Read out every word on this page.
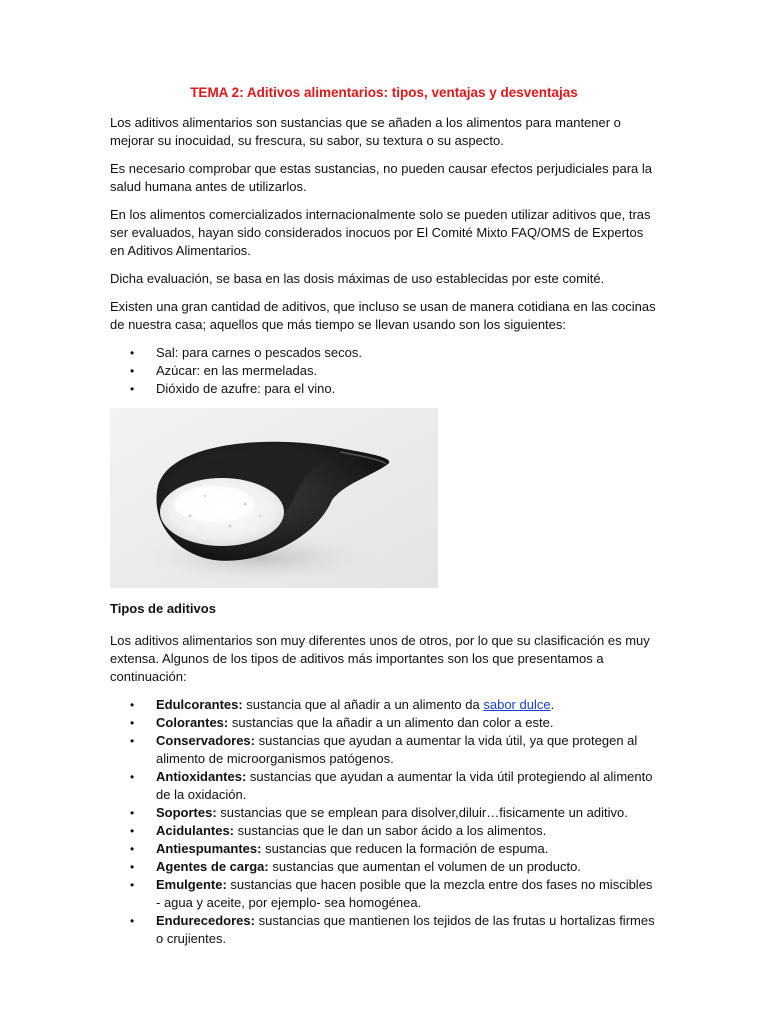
TEMA 2: Aditivos alimentarios: tipos, ventajas y desventajas

Los aditivos alimentarios son sustancias que se añaden a los alimentos para mantener o mejorar su inocuidad, su frescura, su sabor, su textura o su aspecto.

Es necesario comprobar que estas sustancias, no pueden causar efectos perjudiciales para la salud humana antes de utilizarlos.

En los alimentos comercializados internacionalmente solo se pueden utilizar aditivos que, tras ser evaluados, hayan sido considerados inocuos por El Comité Mixto FAQ/OMS de Expertos en Aditivos Alimentarios.

Dicha evaluación, se basa en las dosis máximas de uso establecidas por este comité.

Existen una gran cantidad de aditivos, que incluso se usan de manera cotidiana en las cocinas de nuestra casa; aquellos que más tiempo se llevan usando son los siguientes:

• Sal: para carnes o pescados secos.
• Azúcar: en las mermeladas.
• Dióxido de azufre: para el vino.
Tipos de aditivos

Los aditivos alimentarios son muy diferentes unos de otros, por lo que su clasificación es muy extensa. Algunos de los tipos de aditivos más importantes son los que presentamos a continuación:

• Edulcorantes: sustancia que al añadir a un alimento da sabor dulce.
• Colorantes: sustancias que la añadir a un alimento dan color a este.
• Conservadores: sustancias que ayudan a aumentar la vida útil, ya que protegen al alimento de microorganismos patógenos.
• Antioxidantes: sustancias que ayudan a aumentar la vida útil protegiendo al alimento de la oxidación.
• Soportes: sustancias que se emplean para disolver,diluir…fisicamente un aditivo.
• Acidulantes: sustancias que le dan un sabor ácido a los alimentos.
• Antiespumantes: sustancias que reducen la formación de espuma.
• Agentes de carga: sustancias que aumentan el volumen de un producto.
• Emulgente: sustancias que hacen posible que la mezcla entre dos fases no miscibles - agua y aceite, por ejemplo- sea homogénea.
• Endurecedores: sustancias que mantienen los tejidos de las frutas u hortalizas firmes o crujientes.
